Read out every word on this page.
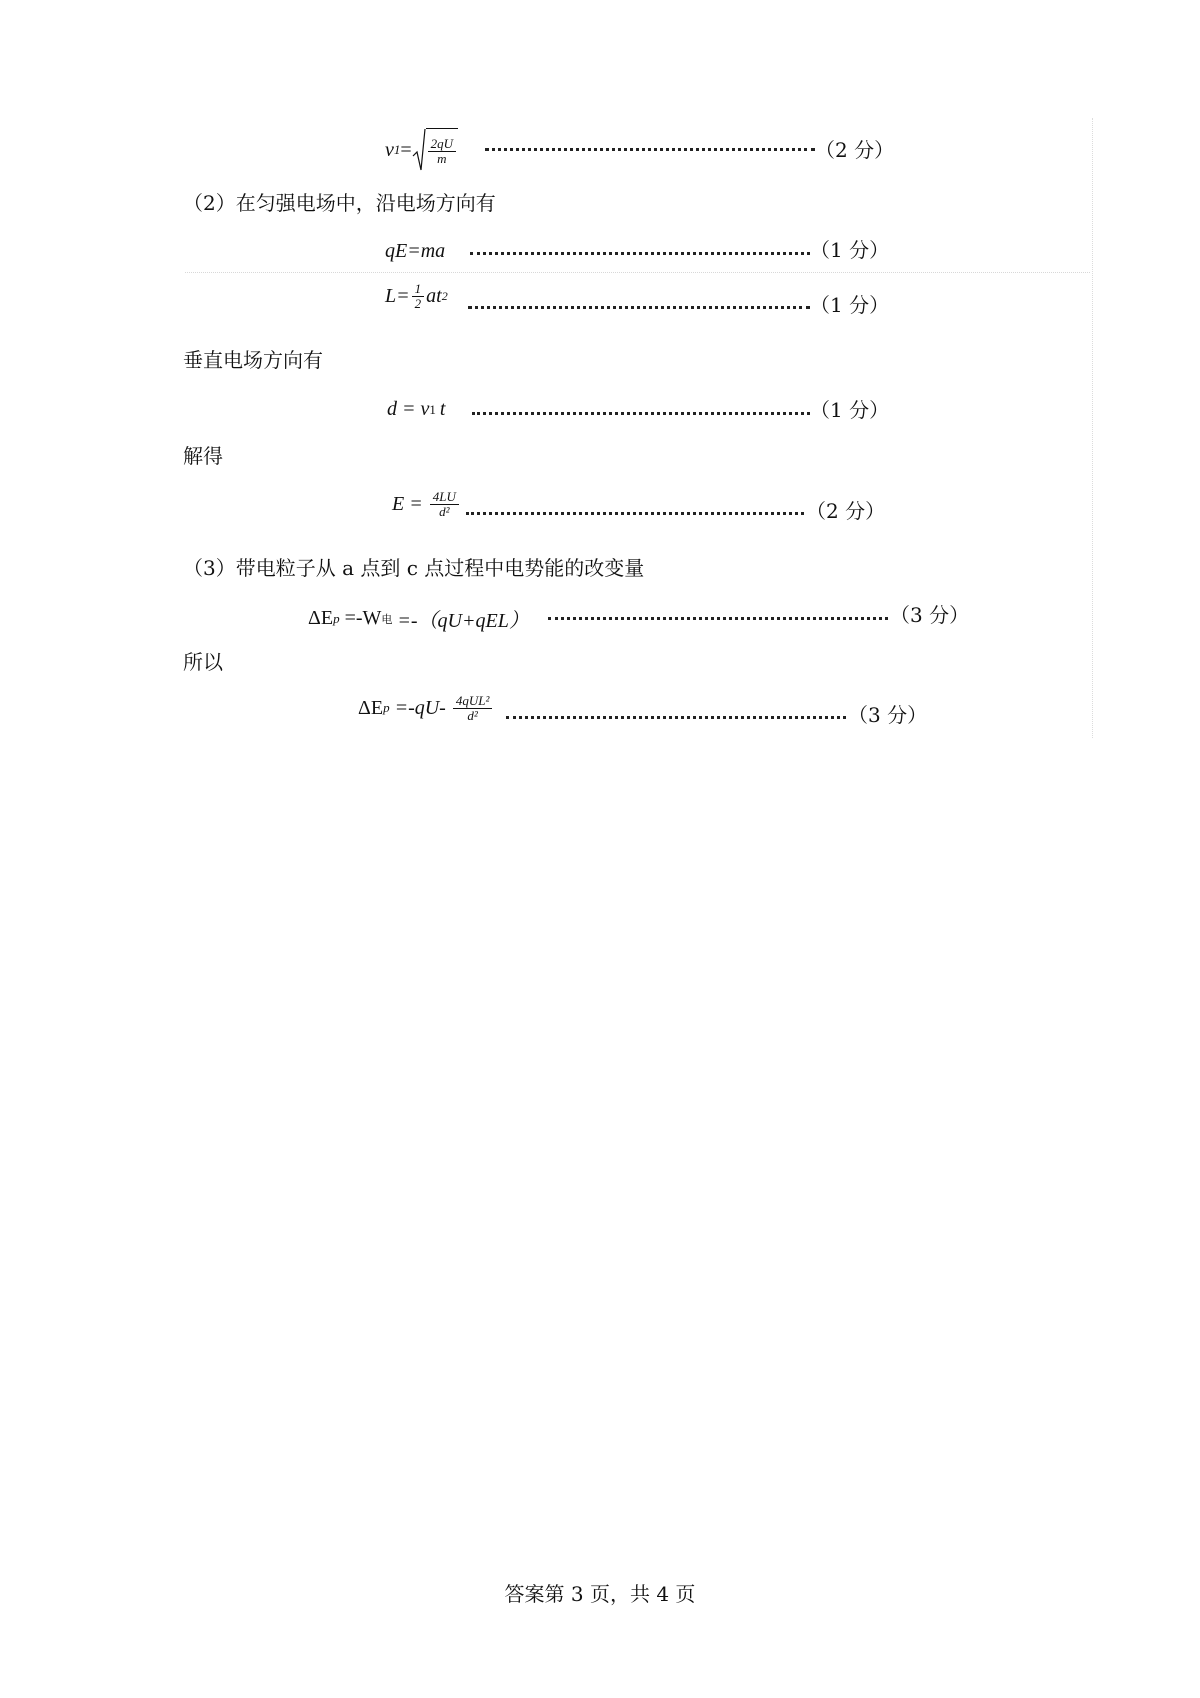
v $1 = \frac{2qU}{m}$	（2 分）
（2）在匀强电场中，沿电场方向有
qE=ma	（1 分）
$L= \frac{1}{2}$ at 2	（1 分）
垂直电场方向有
d = v 1 t	（1 分）
解得
$E = \frac{4LU}{\text{d²}}$	（2 分）
（3）带电粒子从 a 点到 c 点过程中电势能的改变量
ΔE p =-W 电 =-（qU+qEL）	（3 分）
所以
ΔE $p =-qU- \frac{\text{4qUL²}}{\text{d²}}$	（3 分）
答案第 3 页，共 4 页
